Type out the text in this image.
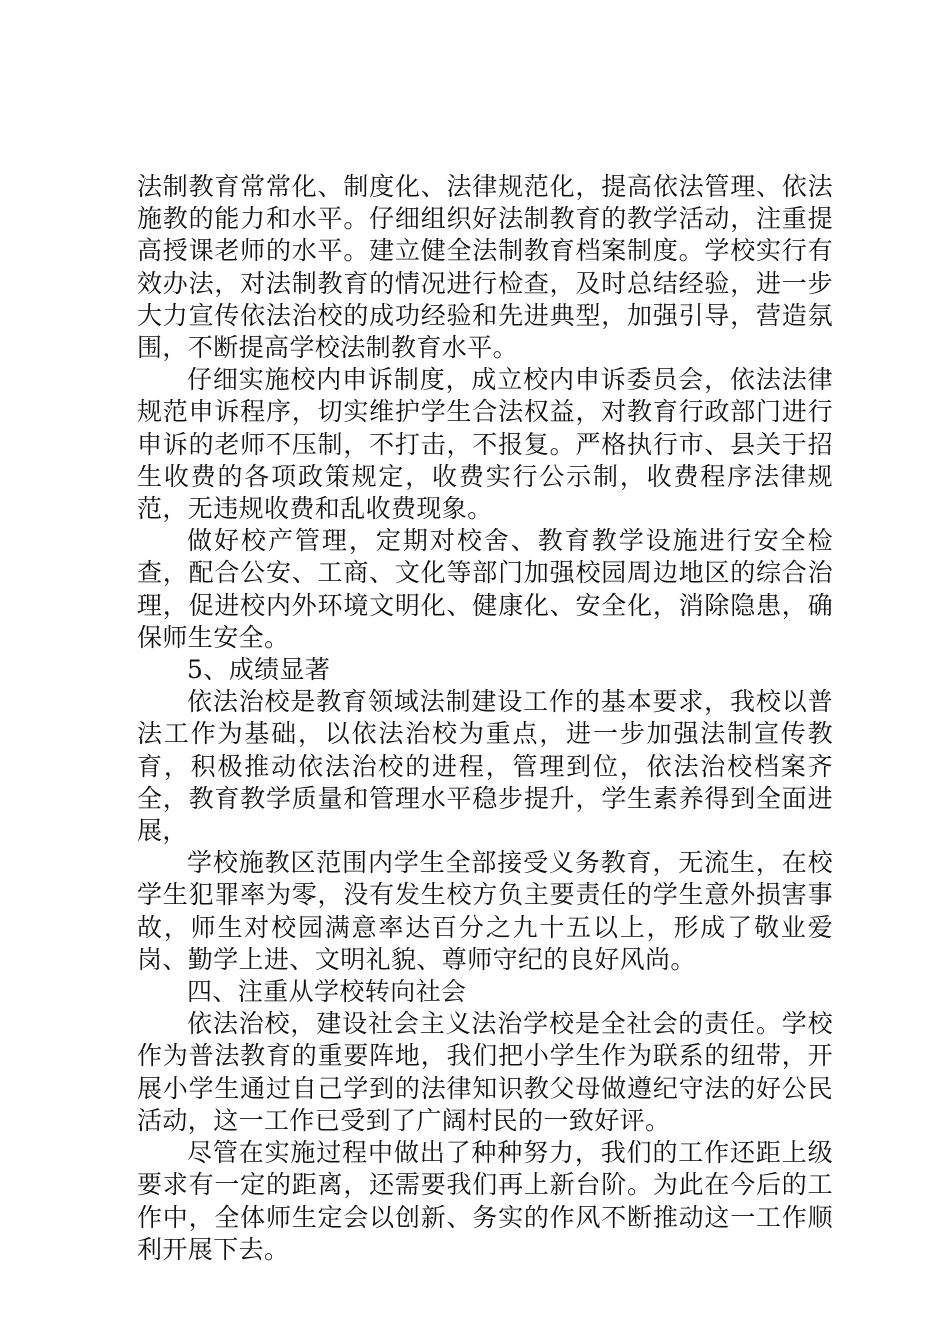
法制教育常常化、制度化、法律规范化，提高依法管理、依法施教的能力和水平。仔细组织好法制教育的教学活动，注重提高授课老师的水平。建立健全法制教育档案制度。学校实行有效办法，对法制教育的情况进行检查，及时总结经验，进一步大力宣传依法治校的成功经验和先进典型，加强引导，营造氛围，不断提高学校法制教育水平。

仔细实施校内申诉制度，成立校内申诉委员会，依法法律规范申诉程序，切实维护学生合法权益，对教育行政部门进行申诉的老师不压制，不打击，不报复。严格执行市、县关于招生收费的各项政策规定，收费实行公示制，收费程序法律规范，无违规收费和乱收费现象。

做好校产管理，定期对校舍、教育教学设施进行安全检查，配合公安、工商、文化等部门加强校园周边地区的综合治理，促进校内外环境文明化、健康化、安全化，消除隐患，确保师生安全。

5、成绩显著

依法治校是教育领域法制建设工作的基本要求，我校以普法工作为基础，以依法治校为重点，进一步加强法制宣传教育，积极推动依法治校的进程，管理到位，依法治校档案齐全，教育教学质量和管理水平稳步提升，学生素养得到全面进展，

学校施教区范围内学生全部接受义务教育，无流生，在校学生犯罪率为零，没有发生校方负主要责任的学生意外损害事故，师生对校园满意率达百分之九十五以上，形成了敬业爱岗、勤学上进、文明礼貌、尊师守纪的良好风尚。

四、注重从学校转向社会

依法治校，建设社会主义法治学校是全社会的责任。学校作为普法教育的重要阵地，我们把小学生作为联系的纽带，开展小学生通过自己学到的法律知识教父母做遵纪守法的好公民活动，这一工作已受到了广阔村民的一致好评。

尽管在实施过程中做出了种种努力，我们的工作还距上级要求有一定的距离，还需要我们再上新台阶。为此在今后的工作中，全体师生定会以创新、务实的作风不断推动这一工作顺利开展下去。
